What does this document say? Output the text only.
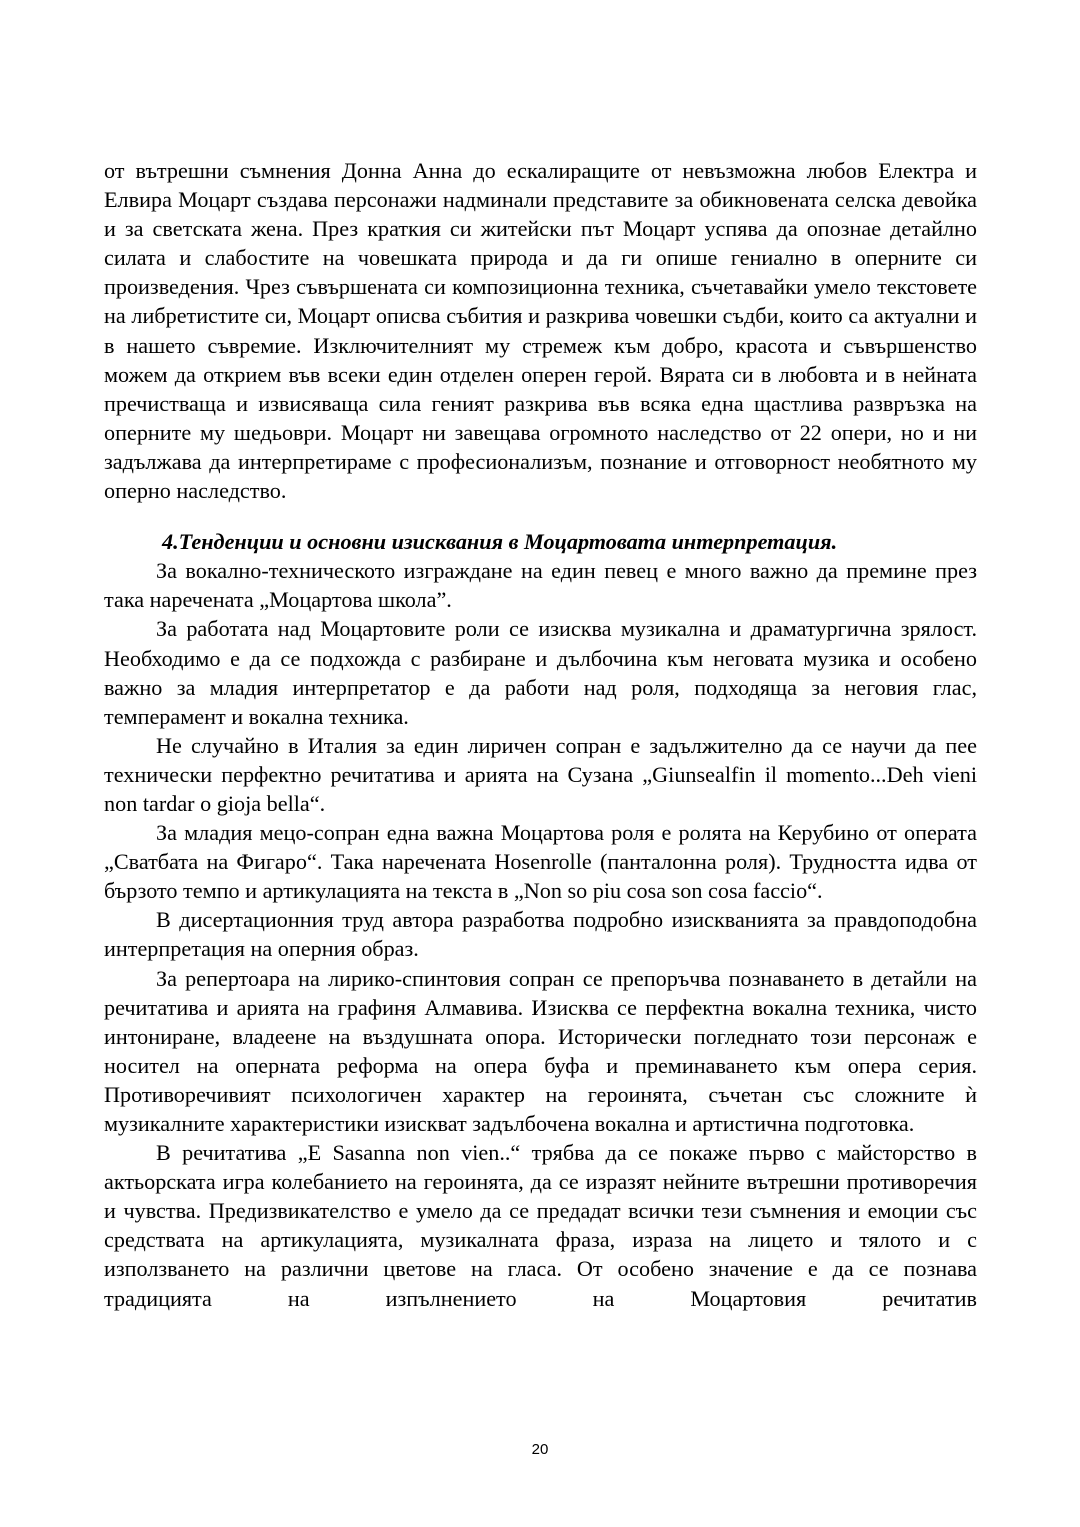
от вътрешни съмнения Донна Анна до ескалиращите от невъзможна любов Електра и Елвира Моцарт създава персонажи надминали представите за обикновената селска девойка и за светската жена. През краткия си житейски път Моцарт успява да опознае детайлно силата и слабостите на човешката природа и да ги опише гениално в оперните си произведения. Чрез съвършената си композиционна техника, съчетавайки умело текстовете на либретистите си, Моцарт описва събития и разкрива човешки съдби, които са актуални и в нашето съвремие. Изключителният му стремеж към добро, красота и съвършенство можем да открием във всеки един отделен оперен герой. Вярата си в любовта и в нейната пречистваща и извисяваща сила геният разкрива във всяка една щастлива развръзка на оперните му шедьоври. Моцарт ни завещава огромното наследство от 22 опери, но и ни задължава да интерпретираме с професионализъм, познание и отговорност необятното му оперно наследство.

4.Тенденции и основни изисквания в Моцартовата интерпретация.

За вокално-техническото изграждане на един певец е много важно да премине през така наречената „Моцартова школа”.

За работата над Моцартовите роли се изисква музикална и драматургична зрялост. Необходимо е да се подхожда с разбиране и дълбочина към неговата музика и особено важно за младия интерпретатор е да работи над роля, подходяща за неговия глас, темперамент и вокална техника.

Не случайно в Италия за един лиричен сопран е задължително да се научи да пее технически перфектно речитатива и арията на Сузана „Giunsealfin il momento...Deh vieni non tardar o gioja bella“.

За младия мецо-сопран една важна Моцартова роля е ролята на Керубино от операта „Сватбата на Фигаро“. Така наречената Hosenrolle (панталонна роля). Трудността идва от бързото темпо и артикулацията на текста в „Non so piu cosa son cosa faccio“.

В дисертационния труд автора разработва подробно изискванията за правдоподобна интерпретация на оперния образ.

За репертоара на лирико-спинтовия сопран се препоръчва познаването в детайли на речитатива и арията на графиня Алмавива. Изисква се перфектна вокална техника, чисто интониране, владеене на въздушната опора. Исторически погледнато този персонаж е носител на оперната реформа на опера буфа и преминаването към опера серия. Противоречивият психологичен характер на героинята, съчетан със сложните ѝ музикалните характеристики изискват задълбочена вокална и артистична подготовка.

В речитатива „E Sasanna non vien..“ трябва да се покаже първо с майсторство в актьорската игра колебанието на героинята, да се изразят нейните вътрешни противоречия и чувства. Предизвикателство е умело да се предадат всички тези съмнения и емоции със средствата на артикулацията, музикалната фраза, израза на лицето и тялото и с използването на различни цветове на гласа. От особено значение е да се познава традицията на изпълнението на Моцартовия речитатив

20
